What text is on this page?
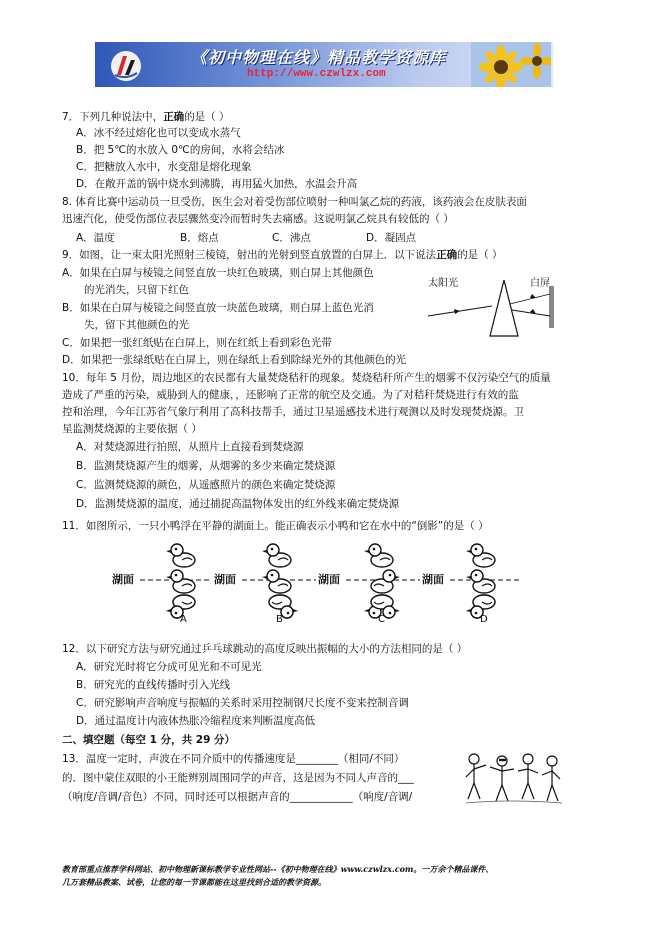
《初中物理在线》精品教学资源库
http://www.czwlzx.com
7．下列几种说法中，正确的是（ ）
A．冰不经过熔化也可以变成水蒸气
B．把 5℃的水放入 0℃的房间，水将会结冰
C．把糖放入水中，水变甜是熔化现象
D．在敞开盖的锅中烧水到沸腾，再用猛火加热，水温会升高
8. 体育比赛中运动员一旦受伤，医生会对着受伤部位喷射一种叫氯乙烷的药液，该药液会在皮肤表面
迅速汽化，使受伤部位表层骤然变冷而暂时失去痛感。这说明氯乙烷具有较低的（ ）
A．温度	B．熔点	C．沸点	D．凝固点
9．如图，让一束太阳光照射三棱镜，射出的光射到竖直放置的白屏上．以下说法正确的是（ ）
A．如果在白屏与棱镜之间竖直放一块红色玻璃，则白屏上其他颜色
的光消失，只留下红色
B．如果在白屏与棱镜之间竖直放一块蓝色玻璃，则白屏上蓝色光消
失，留下其他颜色的光
C．如果把一张红纸贴在白屏上，则在红纸上看到彩色光带
D．如果把一张绿纸贴在白屏上，则在绿纸上看到除绿光外的其他颜色的光
太阳光	白屏
10．每年 5 月份，周边地区的农民都有大量焚烧秸秆的现象。焚烧秸秆所产生的烟雾不仅污染空气的质量
造成了严重的污染，威胁到人的健康，，还影响了正常的航空及交通。为了对秸秆焚烧进行有效的监
控和治理，今年江苏省气象厅利用了高科技帮手，通过卫星遥感技术进行观测以及时发现焚烧源。卫
星监测焚烧源的主要依据（ ）
A．对焚烧源进行拍照，从照片上直接看到焚烧源
B．监测焚烧源产生的烟雾，从烟雾的多少来确定焚烧源
C．监测焚烧源的颜色，从遥感照片的颜色来确定焚烧源
D．监测焚烧源的温度，通过捕捉高温物体发出的红外线来确定焚烧源
11．如图所示，一只小鸭浮在平静的湖面上。能正确表示小鸭和它在水中的“倒影”的是（ ）
湖面	湖面	湖面	湖面
A	B	C	D
12．以下研究方法与研究通过乒乓球跳动的高度反映出振幅的大小的方法相同的是（ ）
A．研究光时将它分成可见光和不可见光
B．研究光的直线传播时引入光线
C．研究影响声音响度与振幅的关系时采用控制钢尺长度不变来控制音调
D．通过温度计内液体热胀冷缩程度来判断温度高低
二、填空题（每空 1 分，共 29 分）
13．温度一定时，声波在不同介质中的传播速度是________（相同/不同）
的．图中蒙住双眼的小王能辨别周围同学的声音，这是因为不同人声音的___
（响度/音调/音色）不同，同时还可以根据声音的____________（响度/音调/
教育部重点推荐学科网站、初中物理新课标教学专业性网站--《初中物理在线》www.czwlzx.com。一万余个精品课件、
几万套精品教案、试卷，让您的每一节课都能在这里找到合适的教学资源。
